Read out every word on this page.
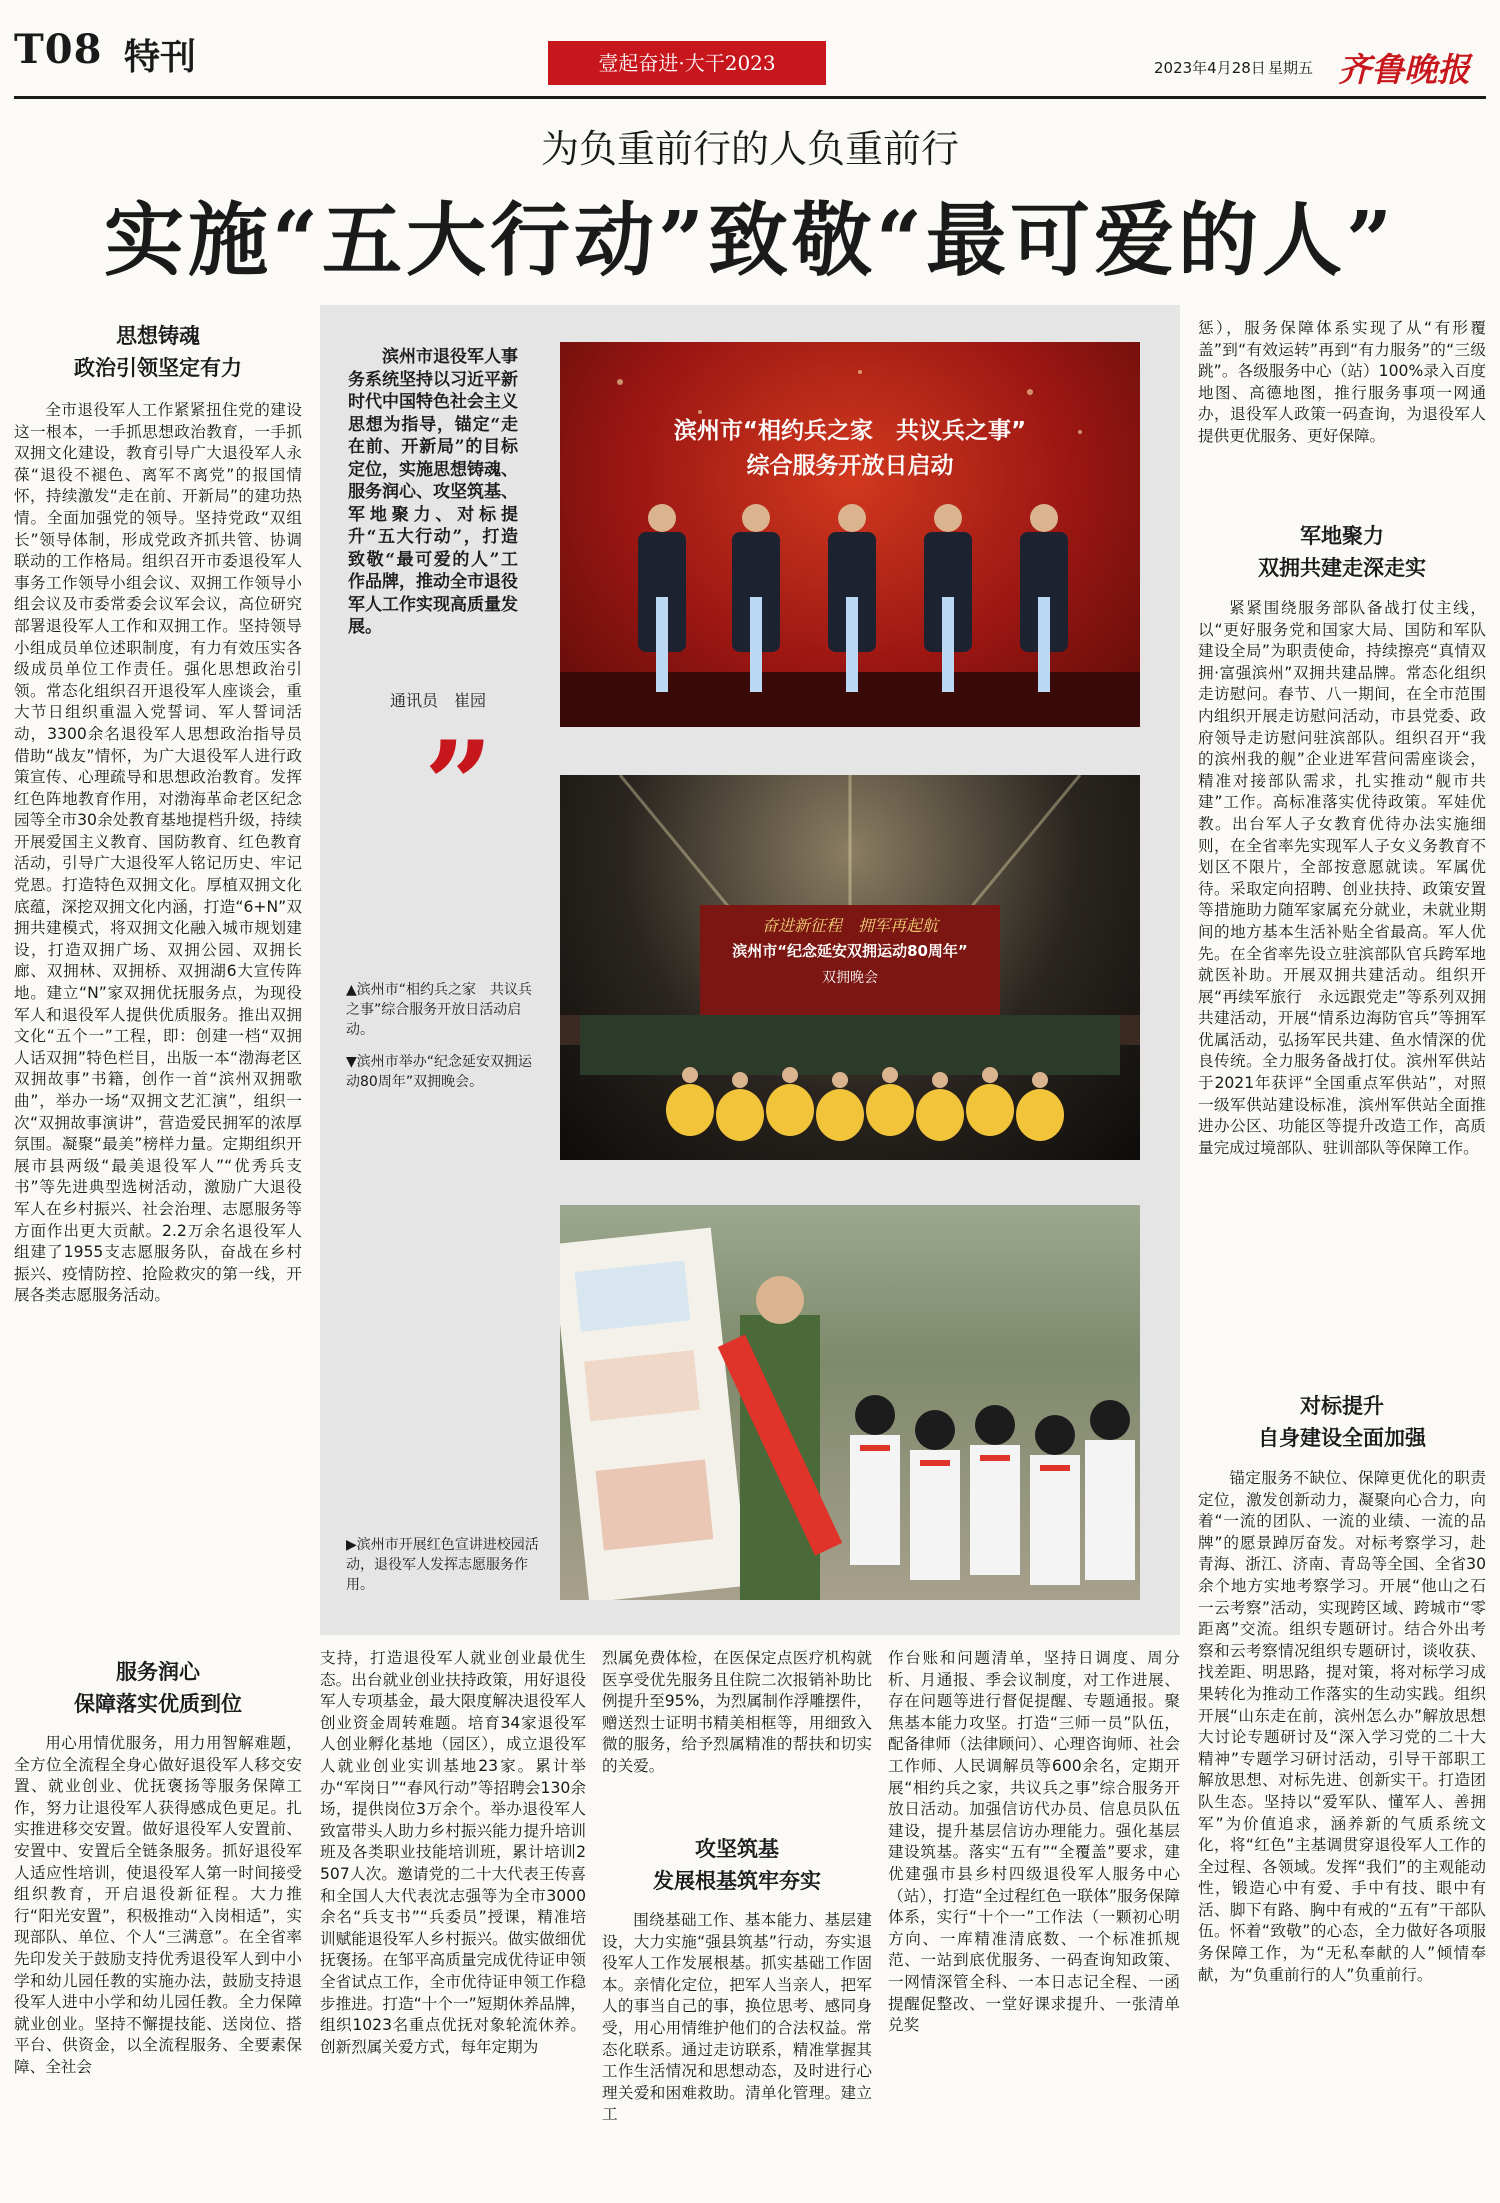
T08 特刊	壹起奋进·大干2023	2023年4月28日 星期五 齐鲁晚报
为负重前行的人负重前行
实施“五大行动”致敬“最可爱的人”
滨州市退役军人事务系统坚持以习近平新时代中国特色社会主义思想为指导，锚定“走在前、开新局”的目标定位，实施思想铸魂、服务润心、攻坚筑基、军地聚力、对标提升“五大行动”，打造致敬“最可爱的人”工作品牌，推动全市退役军人工作实现高质量发展。
通讯员　崔园
”
滨州市“相约兵之家　共议兵之事”
综合服务开放日启动
奋进新征程　拥军再起航
滨州市“纪念延安双拥运动80周年”
双拥晚会
▲滨州市“相约兵之家　共议兵之事”综合服务开放日活动启动。
▼滨州市举办“纪念延安双拥运动80周年”双拥晚会。
▶滨州市开展红色宣讲进校园活动，退役军人发挥志愿服务作用。
思想铸魂
政治引领坚定有力

全市退役军人工作紧紧扭住党的建设这一根本，一手抓思想政治教育，一手抓双拥文化建设，教育引导广大退役军人永葆“退役不褪色、离军不离党”的报国情怀，持续激发“走在前、开新局”的建功热情。全面加强党的领导。坚持党政“双组长”领导体制，形成党政齐抓共管、协调联动的工作格局。组织召开市委退役军人事务工作领导小组会议、双拥工作领导小组会议及市委常委会议军会议，高位研究部署退役军人工作和双拥工作。坚持领导小组成员单位述职制度，有力有效压实各级成员单位工作责任。强化思想政治引领。常态化组织召开退役军人座谈会，重大节日组织重温入党誓词、军人誓词活动，3300余名退役军人思想政治指导员借助“战友”情怀，为广大退役军人进行政策宣传、心理疏导和思想政治教育。发挥红色阵地教育作用，对渤海革命老区纪念园等全市30余处教育基地提档升级，持续开展爱国主义教育、国防教育、红色教育活动，引导广大退役军人铭记历史、牢记党恩。打造特色双拥文化。厚植双拥文化底蕴，深挖双拥文化内涵，打造“6+N”双拥共建模式，将双拥文化融入城市规划建设，打造双拥广场、双拥公园、双拥长廊、双拥林、双拥桥、双拥湖6大宣传阵地。建立“N”家双拥优抚服务点，为现役军人和退役军人提供优质服务。推出双拥文化“五个一”工程，即：创建一档“双拥人话双拥”特色栏目，出版一本“渤海老区双拥故事”书籍，创作一首“滨州双拥歌曲”，举办一场“双拥文艺汇演”，组织一次“双拥故事演讲”，营造爱民拥军的浓厚氛围。凝聚“最美”榜样力量。定期组织开展市县两级“最美退役军人”“优秀兵支书”等先进典型选树活动，激励广大退役军人在乡村振兴、社会治理、志愿服务等方面作出更大贡献。2.2万余名退役军人组建了1955支志愿服务队，奋战在乡村振兴、疫情防控、抢险救灾的第一线，开展各类志愿服务活动。

服务润心
保障落实优质到位

用心用情优服务，用力用智解难题，全方位全流程全身心做好退役军人移交安置、就业创业、优抚褒扬等服务保障工作，努力让退役军人获得感成色更足。扎实推进移交安置。做好退役军人安置前、安置中、安置后全链条服务。抓好退役军人适应性培训，使退役军人第一时间接受组织教育，开启退役新征程。大力推行“阳光安置”，积极推动“入岗相适”，实现部队、单位、个人“三满意”。在全省率先印发关于鼓励支持优秀退役军人到中小学和幼儿园任教的实施办法，鼓励支持退役军人进中小学和幼儿园任教。全力保障就业创业。坚持不懈提技能、送岗位、搭平台、供资金，以全流程服务、全要素保障、全社会

支持，打造退役军人就业创业最优生态。出台就业创业扶持政策，用好退役军人专项基金，最大限度解决退役军人创业资金周转难题。培育34家退役军人创业孵化基地（园区），成立退役军人就业创业实训基地23家。累计举办“军岗日”“春风行动”等招聘会130余场，提供岗位3万余个。举办退役军人致富带头人助力乡村振兴能力提升培训班及各类职业技能培训班，累计培训2507人次。邀请党的二十大代表王传喜和全国人大代表沈志强等为全市3000余名“兵支书”“兵委员”授课，精准培训赋能退役军人乡村振兴。做实做细优抚褒扬。在邹平高质量完成优待证申领全省试点工作，全市优待证申领工作稳步推进。打造“十个一”短期休养品牌，组织1023名重点优抚对象轮流休养。创新烈属关爱方式，每年定期为

烈属免费体检，在医保定点医疗机构就医享受优先服务且住院二次报销补助比例提升至95%，为烈属制作浮雕摆件，赠送烈士证明书精美相框等，用细致入微的服务，给予烈属精准的帮扶和切实的关爱。

攻坚筑基
发展根基筑牢夯实

围绕基础工作、基本能力、基层建设，大力实施“强县筑基”行动，夯实退役军人工作发展根基。抓实基础工作固本。亲情化定位，把军人当亲人，把军人的事当自己的事，换位思考、感同身受，用心用情维护他们的合法权益。常态化联系。通过走访联系，精准掌握其工作生活情况和思想动态，及时进行心理关爱和困难救助。清单化管理。建立工

作台账和问题清单，坚持日调度、周分析、月通报、季会议制度，对工作进展、存在问题等进行督促提醒、专题通报。聚焦基本能力攻坚。打造“三师一员”队伍，配备律师（法律顾问）、心理咨询师、社会工作师、人民调解员等600余名，定期开展“相约兵之家，共议兵之事”综合服务开放日活动。加强信访代办员、信息员队伍建设，提升基层信访办理能力。强化基层建设筑基。落实“五有”“全覆盖”要求，建优建强市县乡村四级退役军人服务中心（站），打造“全过程红色一联体”服务保障体系，实行“十个一”工作法（一颗初心明方向、一库精准清底数、一个标准抓规范、一站到底优服务、一码查询知政策、一网情深管全科、一本日志记全程、一函提醒促整改、一堂好课求提升、一张清单兑奖

惩），服务保障体系实现了从“有形覆盖”到“有效运转”再到“有力服务”的“三级跳”。各级服务中心（站）100%录入百度地图、高德地图，推行服务事项一网通办，退役军人政策一码查询，为退役军人提供更优服务、更好保障。

军地聚力
双拥共建走深走实

紧紧围绕服务部队备战打仗主线，以“更好服务党和国家大局、国防和军队建设全局”为职责使命，持续擦亮“真情双拥·富强滨州”双拥共建品牌。常态化组织走访慰问。春节、八一期间，在全市范围内组织开展走访慰问活动，市县党委、政府领导走访慰问驻滨部队。组织召开“我的滨州我的舰”企业进军营问需座谈会，精准对接部队需求，扎实推动“舰市共建”工作。高标准落实优待政策。军娃优教。出台军人子女教育优待办法实施细则，在全省率先实现军人子女义务教育不划区不限片，全部按意愿就读。军属优待。采取定向招聘、创业扶持、政策安置等措施助力随军家属充分就业，未就业期间的地方基本生活补贴全省最高。军人优先。在全省率先设立驻滨部队官兵跨军地就医补助。开展双拥共建活动。组织开展“再续军旅行　永远跟党走”等系列双拥共建活动，开展“情系边海防官兵”等拥军优属活动，弘扬军民共建、鱼水情深的优良传统。全力服务备战打仗。滨州军供站于2021年获评“全国重点军供站”，对照一级军供站建设标准，滨州军供站全面推进办公区、功能区等提升改造工作，高质量完成过境部队、驻训部队等保障工作。

对标提升
自身建设全面加强

锚定服务不缺位、保障更优化的职责定位，激发创新动力，凝聚向心合力，向着“一流的团队、一流的业绩、一流的品牌”的愿景踔厉奋发。对标考察学习，赴青海、浙江、济南、青岛等全国、全省30余个地方实地考察学习。开展“他山之石一云考察”活动，实现跨区域、跨城市“零距离”交流。组织专题研讨。结合外出考察和云考察情况组织专题研讨，谈收获、找差距、明思路，提对策，将对标学习成果转化为推动工作落实的生动实践。组织开展“山东走在前，滨州怎么办”解放思想大讨论专题研讨及“深入学习党的二十大精神”专题学习研讨活动，引导干部职工解放思想、对标先进、创新实干。打造团队生态。坚持以“爱军队、懂军人、善拥军”为价值追求，涵养新的气质系统文化，将“红色”主基调贯穿退役军人工作的全过程、各领域。发挥“我们”的主观能动性，锻造心中有爱、手中有技、眼中有活、脚下有路、胸中有戒的“五有”干部队伍。怀着“致敬”的心态，全力做好各项服务保障工作，为“无私奉献的人”倾情奉献，为“负重前行的人”负重前行。
